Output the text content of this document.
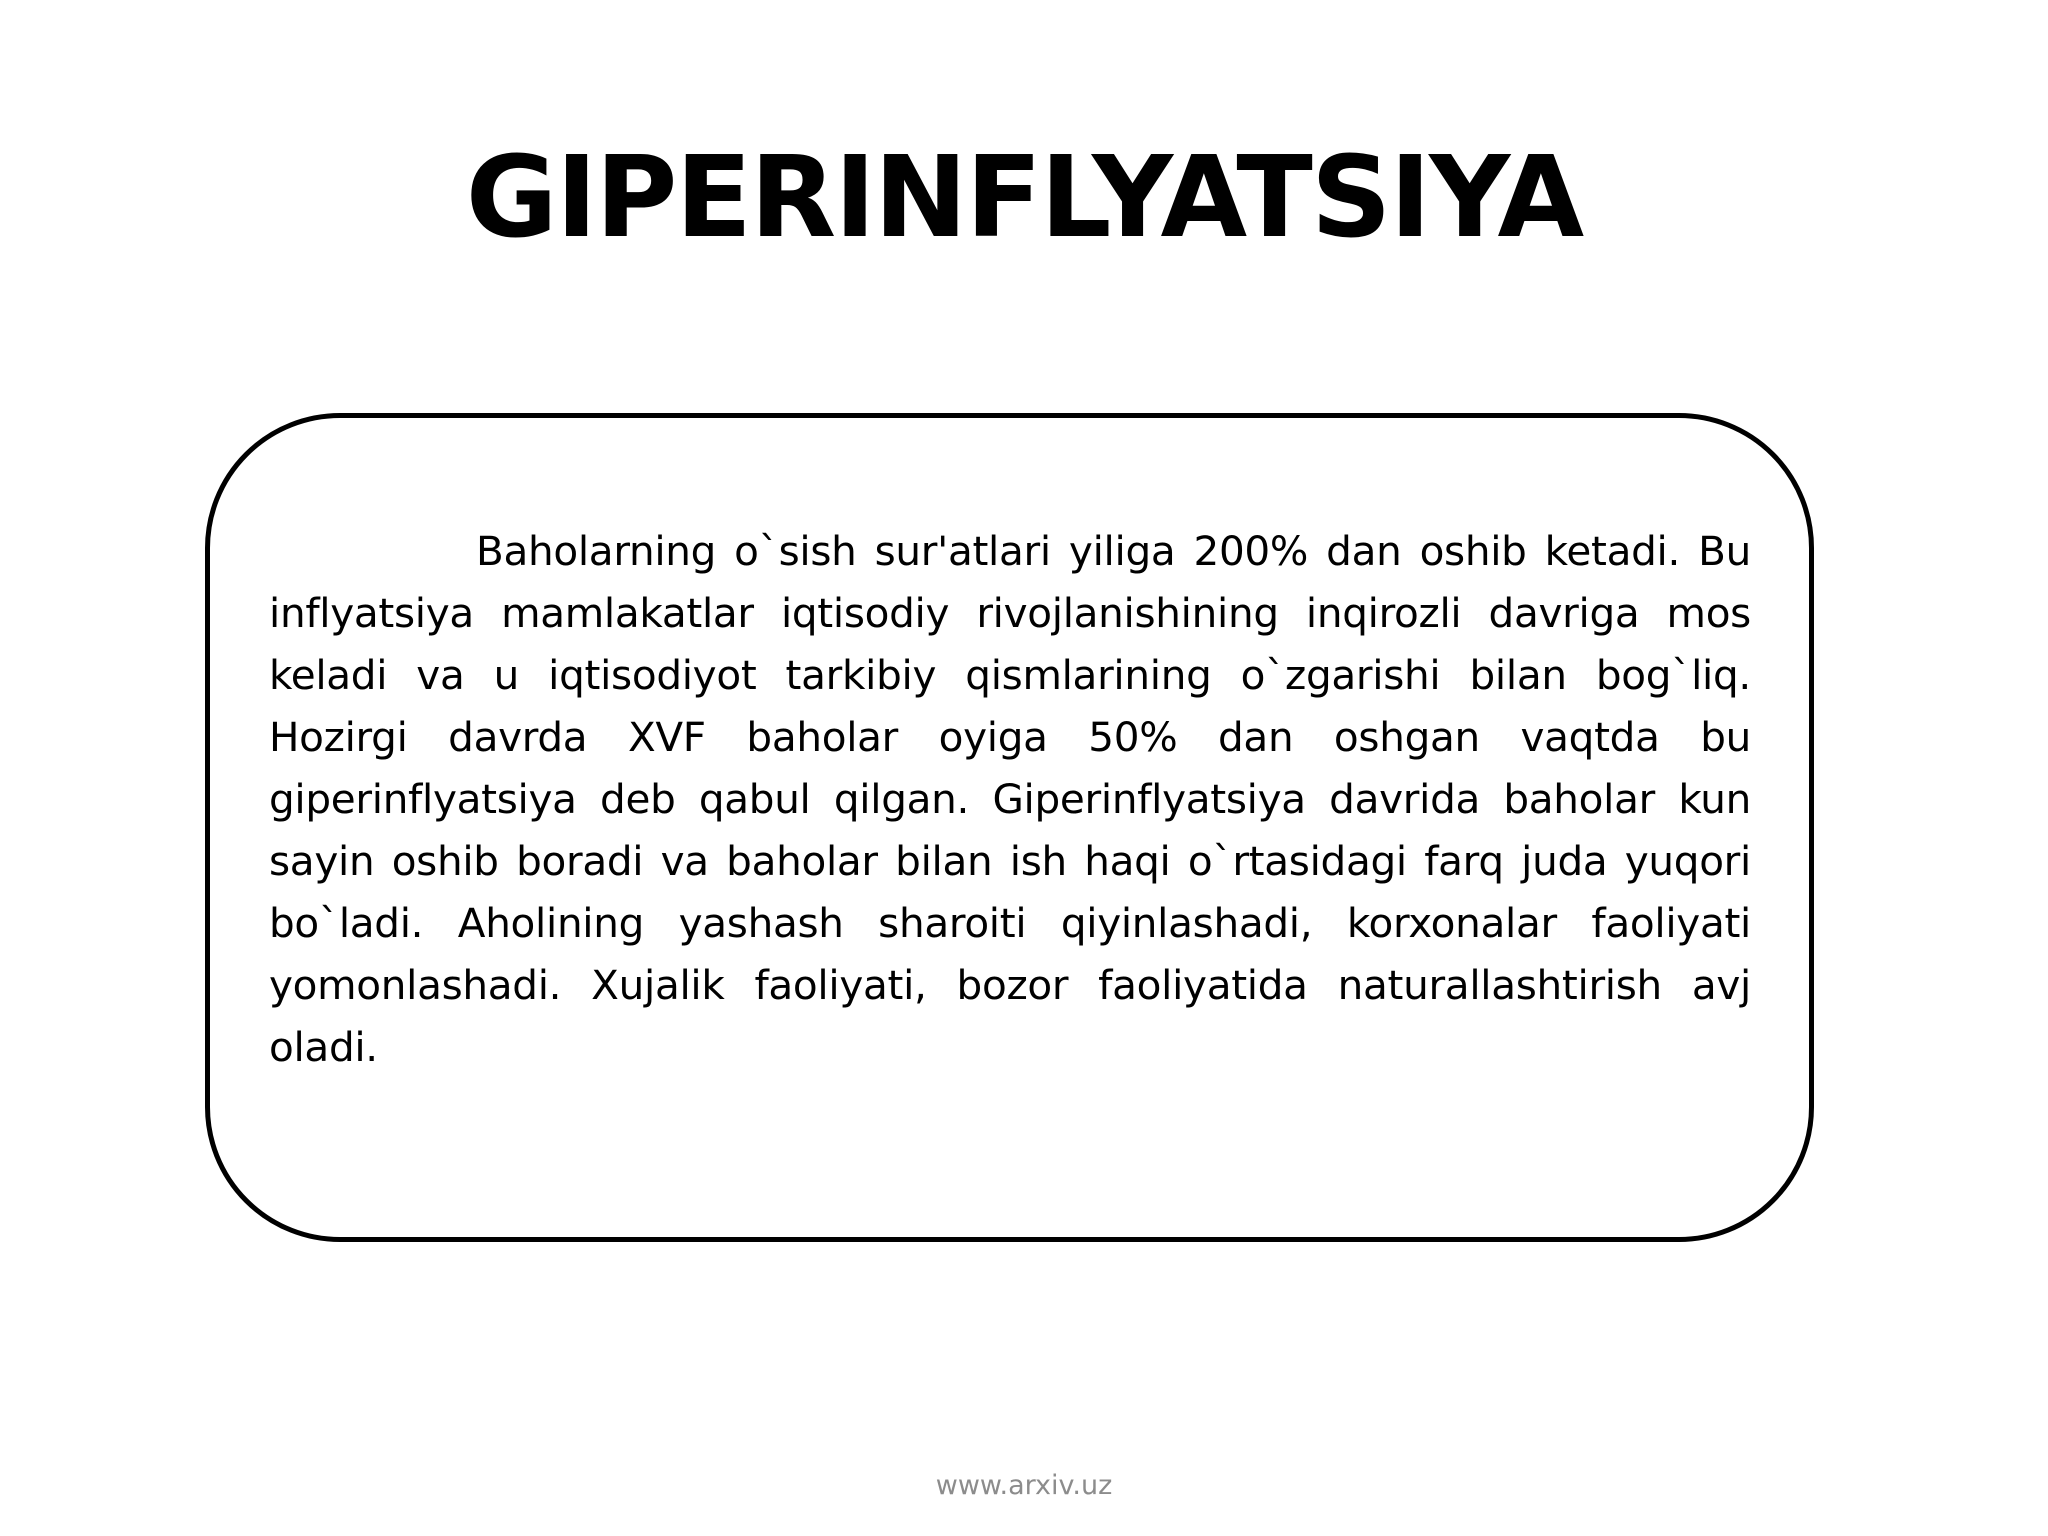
GIPERINFLYATSIYA

Baholarning o`sish sur'atlari yiliga 200% dan oshib ketadi. Bu inflyatsiya mamlakatlar iqtisodiy rivojlanishining inqirozli davriga mos keladi va u iqtisodiyot tarkibiy qismlarining o`zgarishi bilan bog`liq. Hozirgi davrda XVF baholar oyiga 50% dan oshgan vaqtda bu giperinflyatsiya deb qabul qilgan. Giperinflyatsiya davrida baholar kun sayin oshib boradi va baholar bilan ish haqi o`rtasidagi farq juda yuqori bo`ladi. Aholining yashash sharoiti qiyinlashadi, korxonalar faoliyati yomonlashadi. Xujalik faoliyati, bozor faoliyatida naturallashtirish avj oladi.

www.arxiv.uz
